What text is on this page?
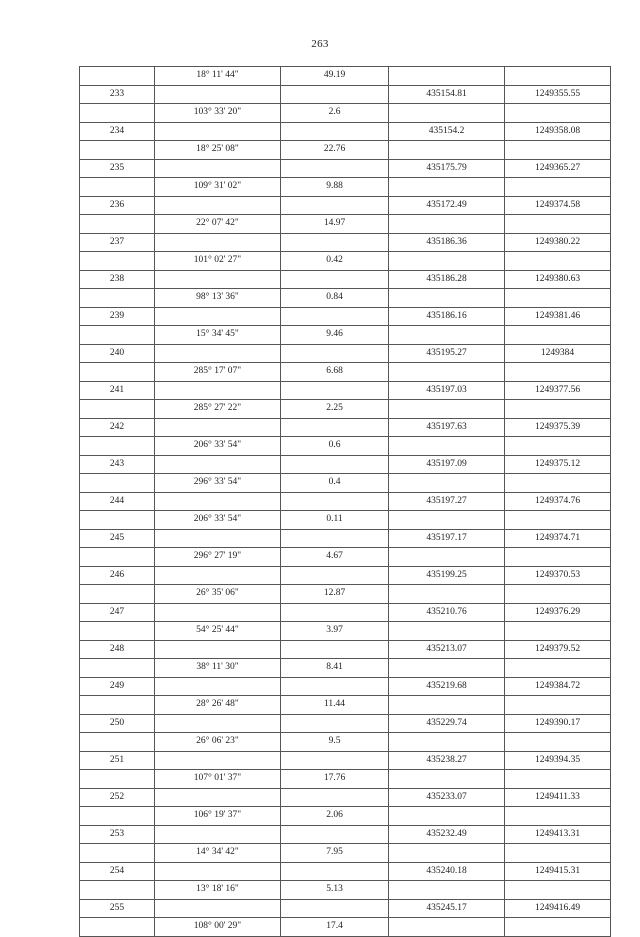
263
	18° 11' 44"	49.19		
233			435154.81	1249355.55
	103° 33' 20"	2.6		
234			435154.2	1249358.08
	18° 25' 08"	22.76		
235			435175.79	1249365.27
	109° 31' 02"	9.88		
236			435172.49	1249374.58
	22° 07' 42"	14.97		
237			435186.36	1249380.22
	101° 02' 27"	0.42		
238			435186.28	1249380.63
	98° 13' 36"	0.84		
239			435186.16	1249381.46
	15° 34' 45"	9.46		
240			435195.27	1249384
	285° 17' 07"	6.68		
241			435197.03	1249377.56
	285° 27' 22"	2.25		
242			435197.63	1249375.39
	206° 33' 54"	0.6		
243			435197.09	1249375.12
	296° 33' 54"	0.4		
244			435197.27	1249374.76
	206° 33' 54"	0.11		
245			435197.17	1249374.71
	296° 27' 19"	4.67		
246			435199.25	1249370.53
	26° 35' 06"	12.87		
247			435210.76	1249376.29
	54° 25' 44"	3.97		
248			435213.07	1249379.52
	38° 11' 30"	8.41		
249			435219.68	1249384.72
	28° 26' 48"	11.44		
250			435229.74	1249390.17
	26° 06' 23"	9.5		
251			435238.27	1249394.35
	107° 01' 37"	17.76		
252			435233.07	1249411.33
	106° 19' 37"	2.06		
253			435232.49	1249413.31
	14° 34' 42"	7.95		
254			435240.18	1249415.31
	13° 18' 16"	5.13		
255			435245.17	1249416.49
	108° 00' 29"	17.4		
